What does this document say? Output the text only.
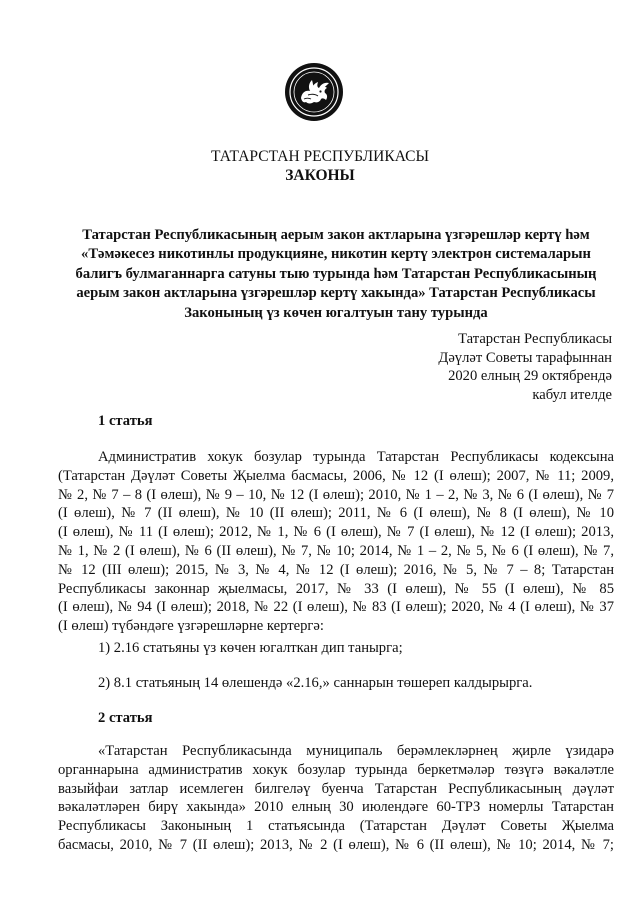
ТАТАРСТАН РЕСПУБЛИКАСЫ
ЗАКОНЫ
Татарстан Республикасының аерым закон актларына үзгәрешләр кертү һәм
«Тәмәкесез никотинлы продукцияне, никотин кертү электрон системаларын
балигъ булмаганнарга сатуны тыю турында һәм Татарстан Республикасының
аерым закон актларына үзгәрешләр кертү хакында» Татарстан Республикасы
Законының үз көчен югалтуын тану турында
Татарстан Республикасы
Дәүләт Советы тарафыннан
2020 елның 29 октябрендә
кабул ителде
1 статья
Административ хокук бозулар турында Татарстан Республикасы кодексына
(Татарстан Дәүләт Советы Җыелма басмасы, 2006, № 12 (I өлеш); 2007, № 11; 2009,
№ 2, № 7 – 8 (I өлеш), № 9 – 10, № 12 (I өлеш); 2010, № 1 – 2, № 3, № 6 (I өлеш), № 7
(I өлеш), № 7 (II өлеш), № 10 (II өлеш); 2011, № 6 (I өлеш), № 8 (I өлеш), № 10
(I өлеш), № 11 (I өлеш); 2012, № 1, № 6 (I өлеш), № 7 (I өлеш), № 12 (I өлеш); 2013,
№ 1, № 2 (I өлеш), № 6 (II өлеш), № 7, № 10; 2014, № 1 – 2, № 5, № 6 (I өлеш), № 7,
№ 12 (III өлеш); 2015, № 3, № 4, № 12 (I өлеш); 2016, № 5, № 7 – 8; Татарстан
Республикасы законнар җыелмасы, 2017, № 33 (I өлеш), № 55 (I өлеш), № 85
(I өлеш), № 94 (I өлеш); 2018, № 22 (I өлеш), № 83 (I өлеш); 2020, № 4 (I өлеш), № 37
(I өлеш) түбәндәге үзгәрешләрне кертергә:
1) 2.16 статьяны үз көчен югалткан дип танырга;
2) 8.1 статьяның 14 өлешендә «2.16,» саннарын төшереп калдырырга.
2 статья
«Татарстан Республикасында муниципаль берәмлекләрнең җирле үзидарә
органнарына административ хокук бозулар турында беркетмәләр төзүгә вәкаләтле
вазыйфаи затлар исемлеген билгеләү буенча Татарстан Республикасының дәүләт
вәкаләтләрен бирү хакында» 2010 елның 30 июлендәге 60-ТРЗ номерлы Татарстан
Республикасы Законының 1 статьясында (Татарстан Дәүләт Советы Җыелма
басмасы, 2010, № 7 (II өлеш); 2013, № 2 (I өлеш), № 6 (II өлеш), № 10; 2014, № 7;
